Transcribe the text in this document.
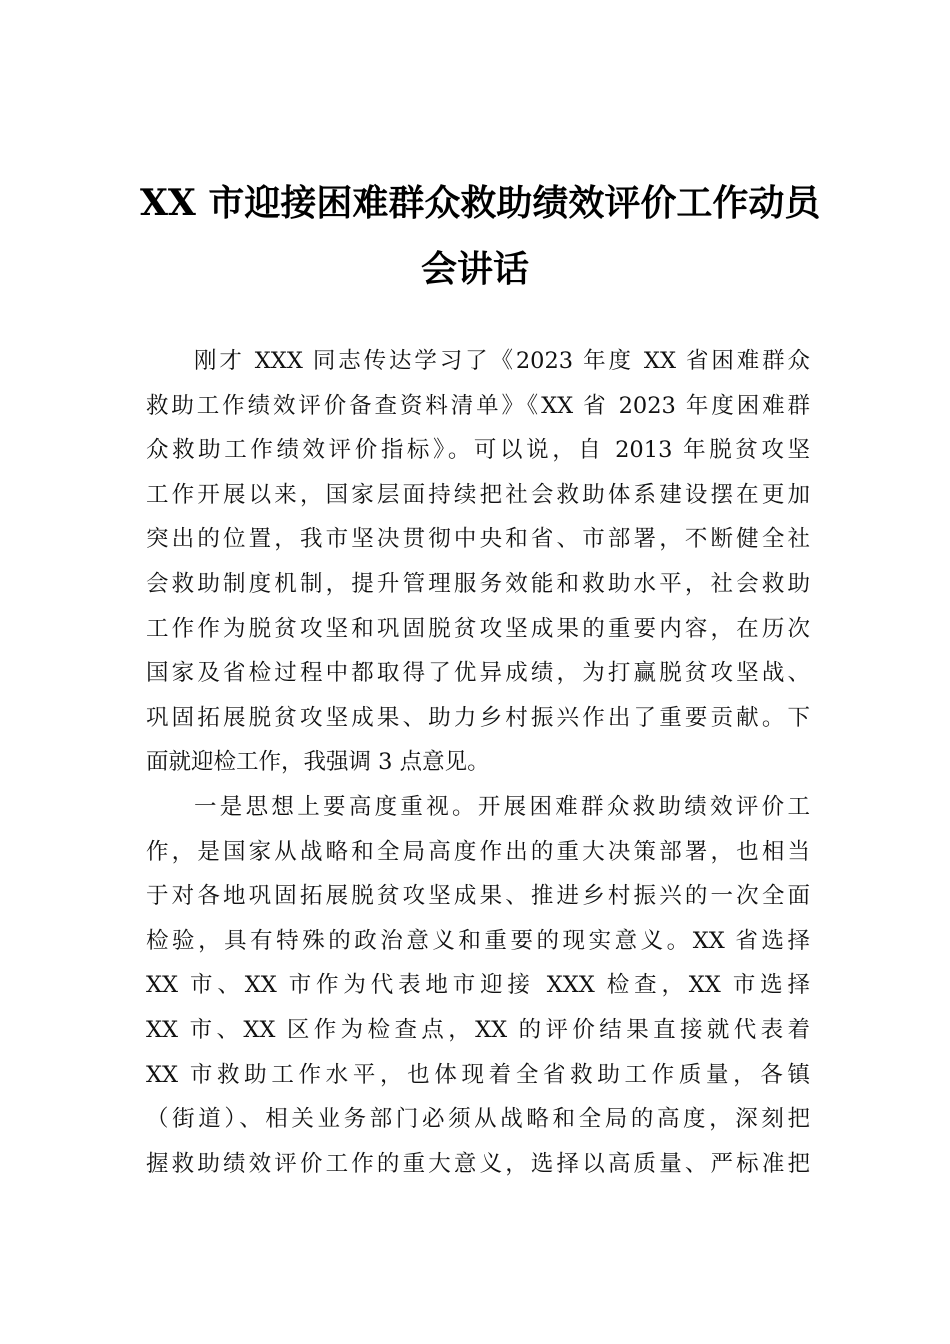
XX 市迎接困难群众救助绩效评价工作动员
会讲话
刚才 XXX 同志传达学习了《2023 年度 XX 省困难群众
救助工作绩效评价备查资料清单》《XX 省 2023 年度困难群
众救助工作绩效评价指标》。可以说，自 2013 年脱贫攻坚
工作开展以来，国家层面持续把社会救助体系建设摆在更加
突出的位置，我市坚决贯彻中央和省、市部署，不断健全社
会救助制度机制，提升管理服务效能和救助水平，社会救助
工作作为脱贫攻坚和巩固脱贫攻坚成果的重要内容，在历次
国家及省检过程中都取得了优异成绩，为打赢脱贫攻坚战、
巩固拓展脱贫攻坚成果、助力乡村振兴作出了重要贡献。下
面就迎检工作，我强调 3 点意见。
一是思想上要高度重视。开展困难群众救助绩效评价工
作，是国家从战略和全局高度作出的重大决策部署，也相当
于对各地巩固拓展脱贫攻坚成果、推进乡村振兴的一次全面
检验，具有特殊的政治意义和重要的现实意义。XX 省选择
XX 市、XX 市作为代表地市迎接 XXX 检查，XX 市选择
XX 市、XX 区作为检查点，XX 的评价结果直接就代表着
XX 市救助工作水平，也体现着全省救助工作质量，各镇
（街道）、相关业务部门必须从战略和全局的高度，深刻把
握救助绩效评价工作的重大意义，选择以高质量、严标准把
